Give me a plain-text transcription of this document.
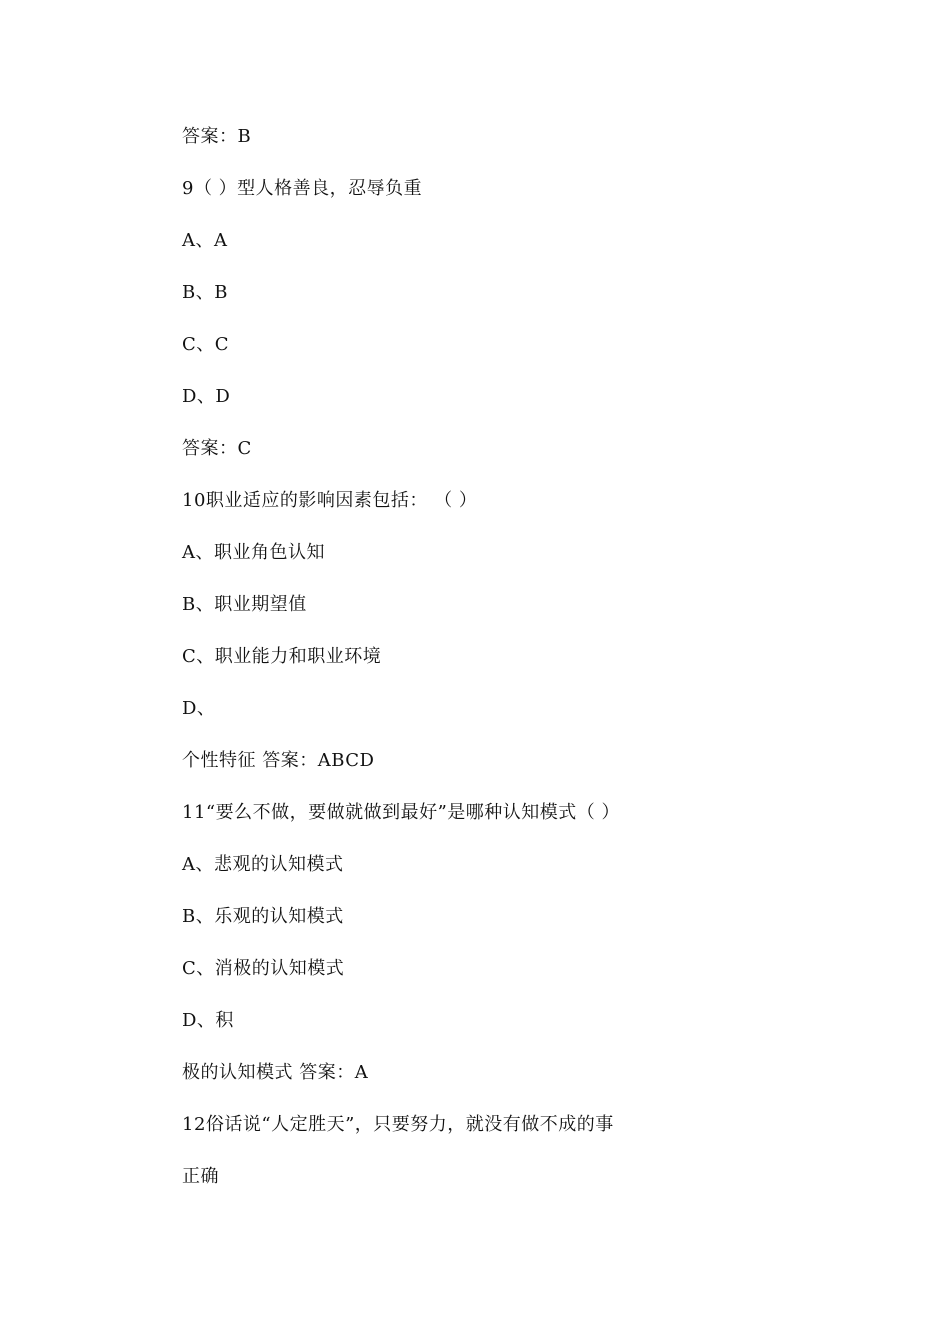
答案：B
9（ ）型人格善良，忍辱负重
A、A
B、B
C、C
D、D
答案：C
10职业适应的影响因素包括： （ ）
A、职业角色认知
B、职业期望值
C、职业能力和职业环境
D、
个性特征 答案：ABCD
11“要么不做，要做就做到最好”是哪种认知模式（ ）
A、悲观的认知模式
B、乐观的认知模式
C、消极的认知模式
D、积
极的认知模式 答案：A
12俗话说“人定胜天”，只要努力，就没有做不成的事
正确
